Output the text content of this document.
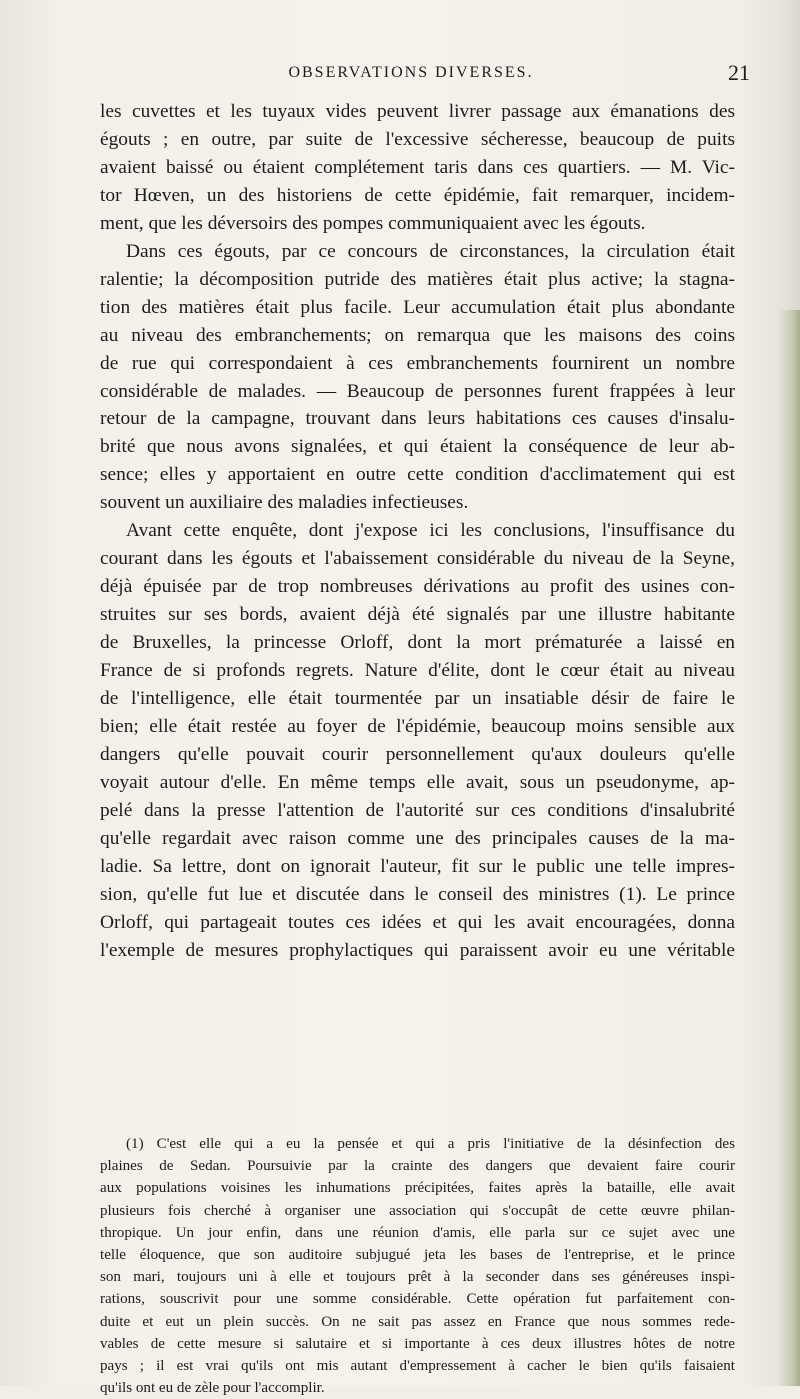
OBSERVATIONS DIVERSES.	21
les cuvettes et les tuyaux vides peuvent livrer passage aux émanations des
égouts ; en outre, par suite de l'excessive sécheresse, beaucoup de puits
avaient baissé ou étaient complétement taris dans ces quartiers. — M. Vic-
tor Hœven, un des historiens de cette épidémie, fait remarquer, incidem-
ment, que les déversoirs des pompes communiquaient avec les égouts.
Dans ces égouts, par ce concours de circonstances, la circulation était
ralentie; la décomposition putride des matières était plus active; la stagna-
tion des matières était plus facile. Leur accumulation était plus abondante
au niveau des embranchements; on remarqua que les maisons des coins
de rue qui correspondaient à ces embranchements fournirent un nombre
considérable de malades. — Beaucoup de personnes furent frappées à leur
retour de la campagne, trouvant dans leurs habitations ces causes d'insalu-
brité que nous avons signalées, et qui étaient la conséquence de leur ab-
sence; elles y apportaient en outre cette condition d'acclimatement qui est
souvent un auxiliaire des maladies infectieuses.
Avant cette enquête, dont j'expose ici les conclusions, l'insuffisance du
courant dans les égouts et l'abaissement considérable du niveau de la Seyne,
déjà épuisée par de trop nombreuses dérivations au profit des usines con-
struites sur ses bords, avaient déjà été signalés par une illustre habitante
de Bruxelles, la princesse Orloff, dont la mort prématurée a laissé en
France de si profonds regrets. Nature d'élite, dont le cœur était au niveau
de l'intelligence, elle était tourmentée par un insatiable désir de faire le
bien; elle était restée au foyer de l'épidémie, beaucoup moins sensible aux
dangers qu'elle pouvait courir personnellement qu'aux douleurs qu'elle
voyait autour d'elle. En même temps elle avait, sous un pseudonyme, ap-
pelé dans la presse l'attention de l'autorité sur ces conditions d'insalubrité
qu'elle regardait avec raison comme une des principales causes de la ma-
ladie. Sa lettre, dont on ignorait l'auteur, fit sur le public une telle impres-
sion, qu'elle fut lue et discutée dans le conseil des ministres (1). Le prince
Orloff, qui partageait toutes ces idées et qui les avait encouragées, donna
l'exemple de mesures prophylactiques qui paraissent avoir eu une véritable
(1) C'est elle qui a eu la pensée et qui a pris l'initiative de la désinfection des
plaines de Sedan. Poursuivie par la crainte des dangers que devaient faire courir
aux populations voisines les inhumations précipitées, faites après la bataille, elle avait
plusieurs fois cherché à organiser une association qui s'occupât de cette œuvre philan-
thropique. Un jour enfin, dans une réunion d'amis, elle parla sur ce sujet avec une
telle éloquence, que son auditoire subjugué jeta les bases de l'entreprise, et le prince
son mari, toujours uni à elle et toujours prêt à la seconder dans ses généreuses inspi-
rations, souscrivit pour une somme considérable. Cette opération fut parfaitement con-
duite et eut un plein succès. On ne sait pas assez en France que nous sommes rede-
vables de cette mesure si salutaire et si importante à ces deux illustres hôtes de notre
pays ; il est vrai qu'ils ont mis autant d'empressement à cacher le bien qu'ils faisaient
qu'ils ont eu de zèle pour l'accomplir.
